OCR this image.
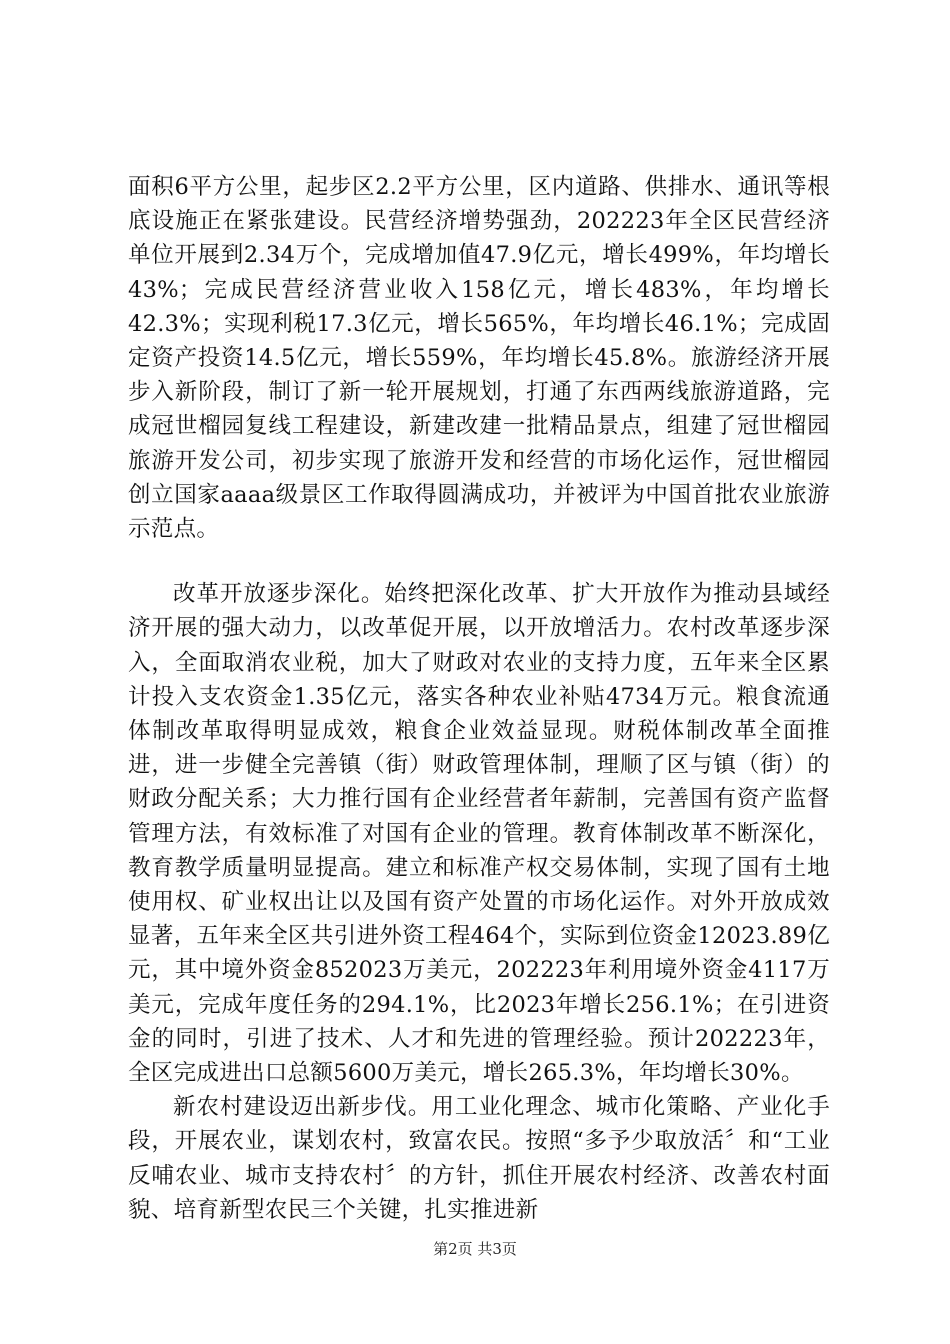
面积6平方公里，起步区2.2平方公里，区内道路、供排水、通讯等根底设施正在紧张建设。民营经济增势强劲，202223年全区民营经济单位开展到2.34万个，完成增加值47.9亿元，增长499%，年均增长43%；完成民营经济营业收入158亿元，增长483%，年均增长42.3%；实现利税17.3亿元，增长565%，年均增长46.1%；完成固定资产投资14.5亿元，增长559%，年均增长45.8%。旅游经济开展步入新阶段，制订了新一轮开展规划，打通了东西两线旅游道路，完成冠世榴园复线工程建设，新建改建一批精品景点，组建了冠世榴园旅游开发公司，初步实现了旅游开发和经营的市场化运作，冠世榴园创立国家aaaa级景区工作取得圆满成功，并被评为中国首批农业旅游示范点。

改革开放逐步深化。始终把深化改革、扩大开放作为推动县域经济开展的强大动力，以改革促开展，以开放增活力。农村改革逐步深入，全面取消农业税，加大了财政对农业的支持力度，五年来全区累计投入支农资金1.35亿元，落实各种农业补贴4734万元。粮食流通体制改革取得明显成效，粮食企业效益显现。财税体制改革全面推进，进一步健全完善镇（街）财政管理体制，理顺了区与镇（街）的财政分配关系；大力推行国有企业经营者年薪制，完善国有资产监督管理方法，有效标准了对国有企业的管理。教育体制改革不断深化，教育教学质量明显提高。建立和标准产权交易体制，实现了国有土地使用权、矿业权出让以及国有资产处置的市场化运作。对外开放成效显著，五年来全区共引进外资工程464个，实际到位资金12023.89亿元，其中境外资金852023万美元，202223年利用境外资金4117万美元，完成年度任务的294.1%，比2023年增长256.1%；在引进资金的同时，引进了技术、人才和先进的管理经验。预计202223年，全区完成进出口总额5600万美元，增长265.3%，年均增长30%。

新农村建设迈出新步伐。用工业化理念、城市化策略、产业化手段，开展农业，谋划农村，致富农民。按照“多予少取放活〞和“工业反哺农业、城市支持农村〞的方针，抓住开展农村经济、改善农村面貌、培育新型农民三个关键，扎实推进新

第2页 共3页
